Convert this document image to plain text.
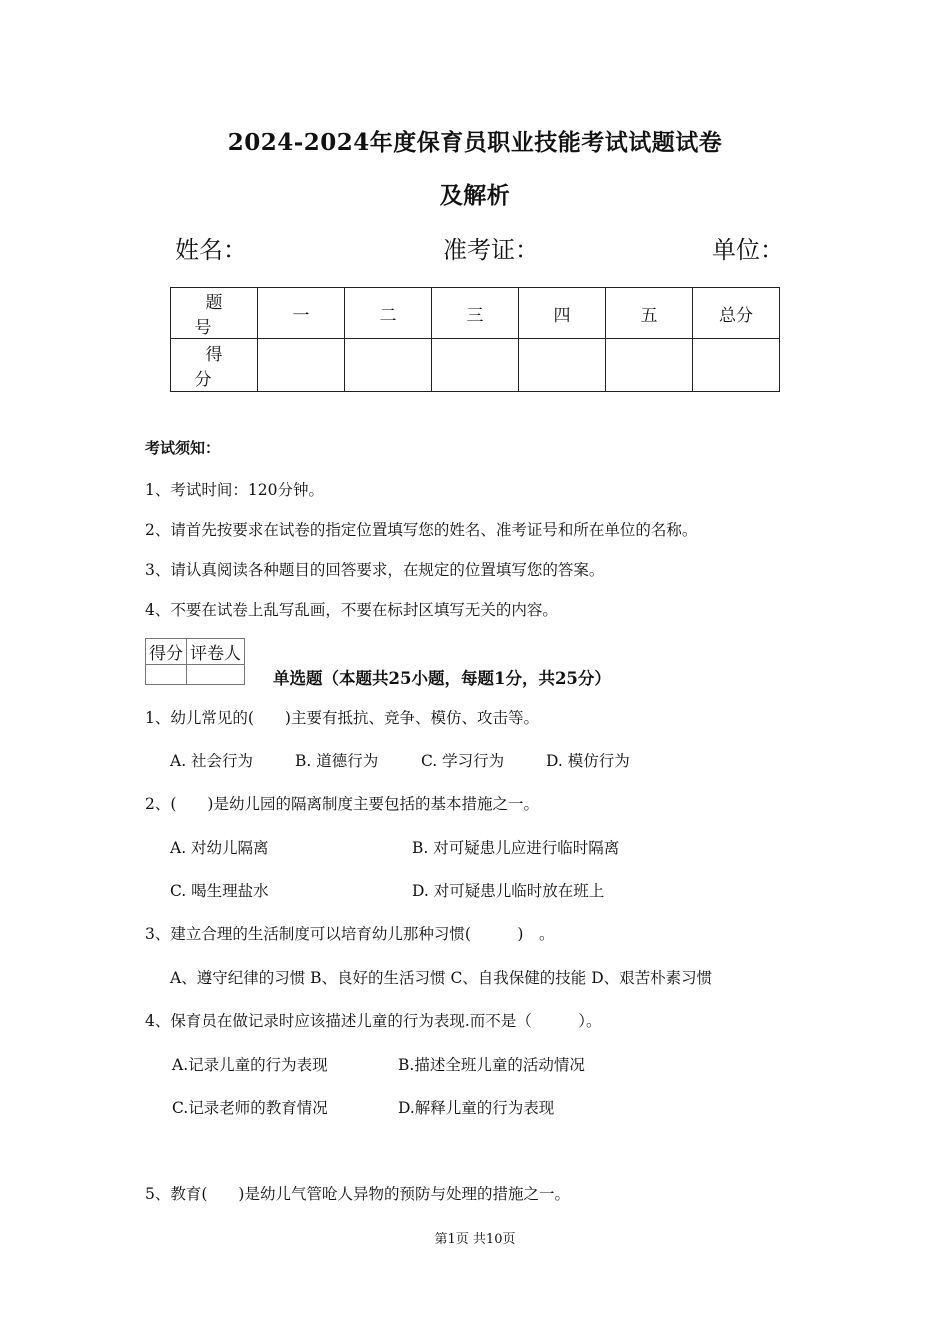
2024-2024年度保育员职业技能考试试题试卷
及解析
姓名：	准考证：	单位：
题 号	一	二	三	四	五	总分
得 分						
考试须知：
1、考试时间：120分钟。
2、请首先按要求在试卷的指定位置填写您的姓名、准考证号和所在单位的名称。
3、请认真阅读各种题目的回答要求，在规定的位置填写您的答案。
4、不要在试卷上乱写乱画，不要在标封区填写无关的内容。
得分	评卷人

单选题（本题共25小题，每题1分，共25分）
1、幼儿常见的(　　)主要有抵抗、竞争、模仿、攻击等。
A. 社会行为	B. 道德行为	C. 学习行为	D. 模仿行为
2、(　　)是幼儿园的隔离制度主要包括的基本措施之一。
A. 对幼儿隔离	B. 对可疑患儿应进行临时隔离
C. 喝生理盐水	D. 对可疑患儿临时放在班上
3、建立合理的生活制度可以培育幼儿那种习惯(　　　)　。
A、遵守纪律的习惯 B、良好的生活习惯 C、自我保健的技能 D、艰苦朴素习惯
4、保育员在做记录时应该描述儿童的行为表现.而不是（　　　）。
A.记录儿童的行为表现	B.描述全班儿童的活动情况
C.记录老师的教育情况	D.解释儿童的行为表现
5、教育(　　)是幼儿气管呛人异物的预防与处理的措施之一。
第1页 共10页
